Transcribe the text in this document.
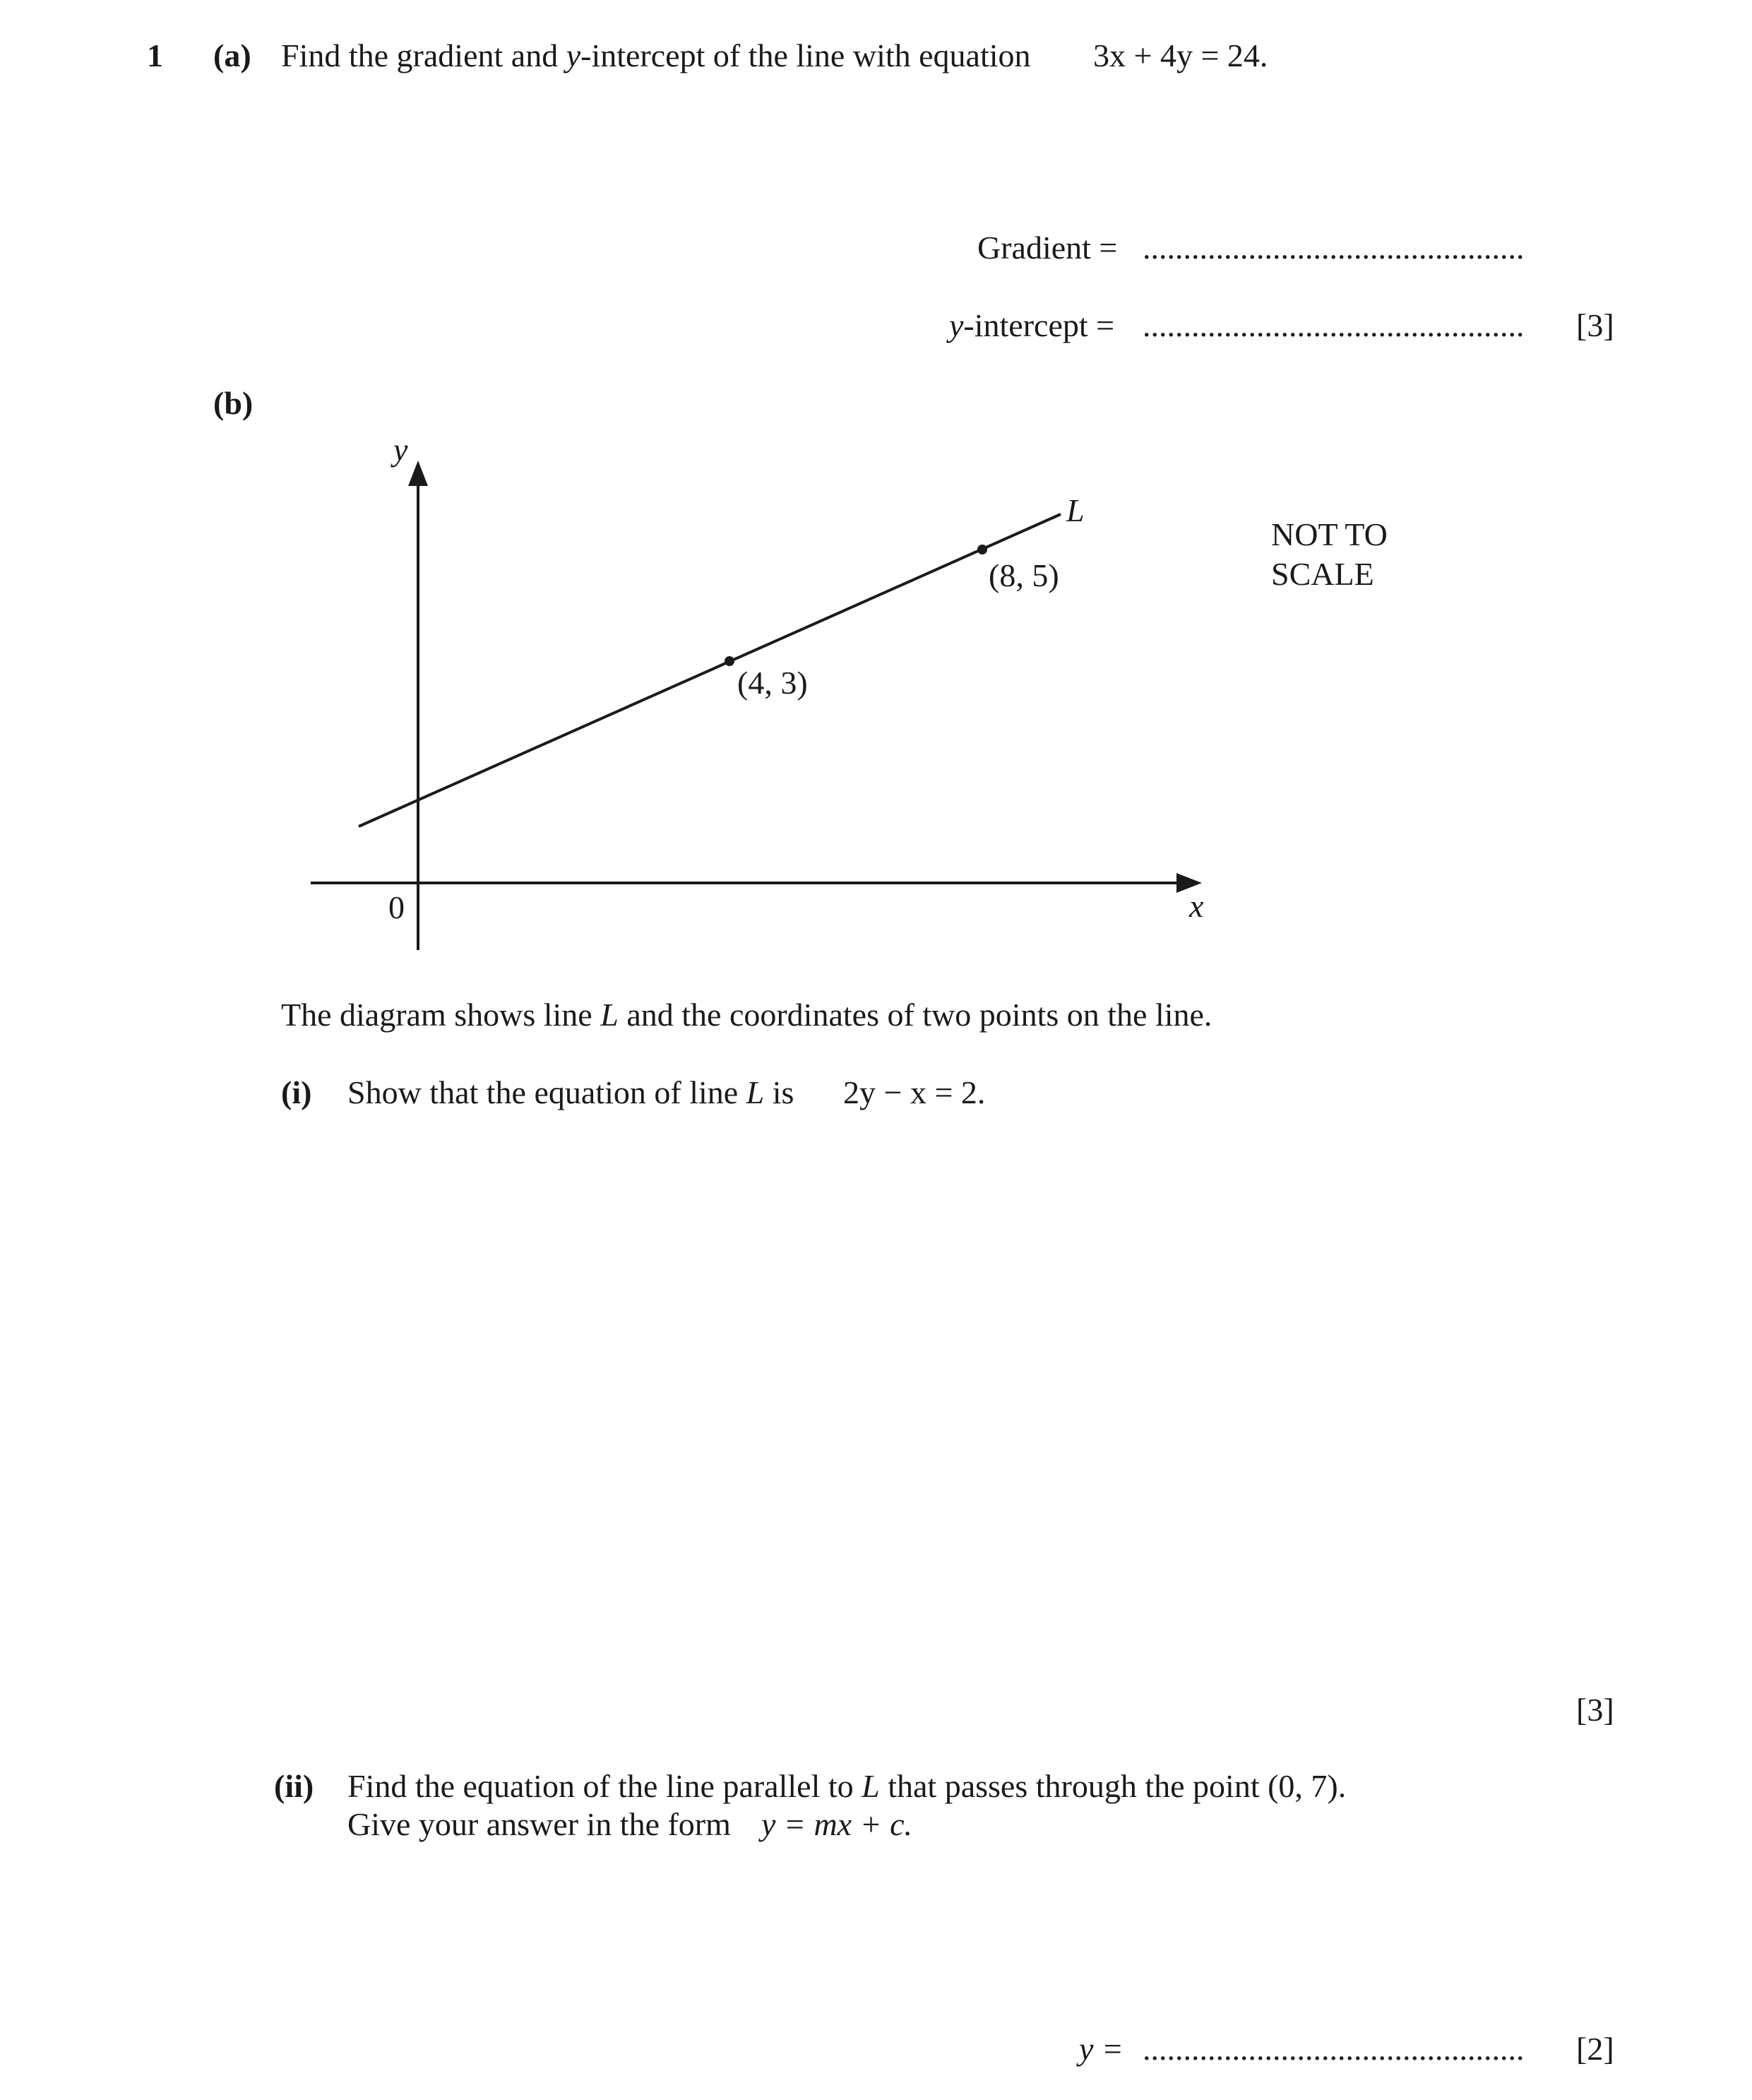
1 (a) Find the gradient and y-intercept of the line with equation 3x + 4y = 24.
Gradient = ...............................................
y-intercept = ............................................... [3]
(b)
y
x
0
L
(4, 3)
(8, 5)
NOT TO
SCALE
The diagram shows line L and the coordinates of two points on the line.
(i) Show that the equation of line L is 2y − x = 2.
[3]
(ii) Find the equation of the line parallel to L that passes through the point (0, 7).
Give your answer in the form y = mx + c.
y = ............................................... [2]
